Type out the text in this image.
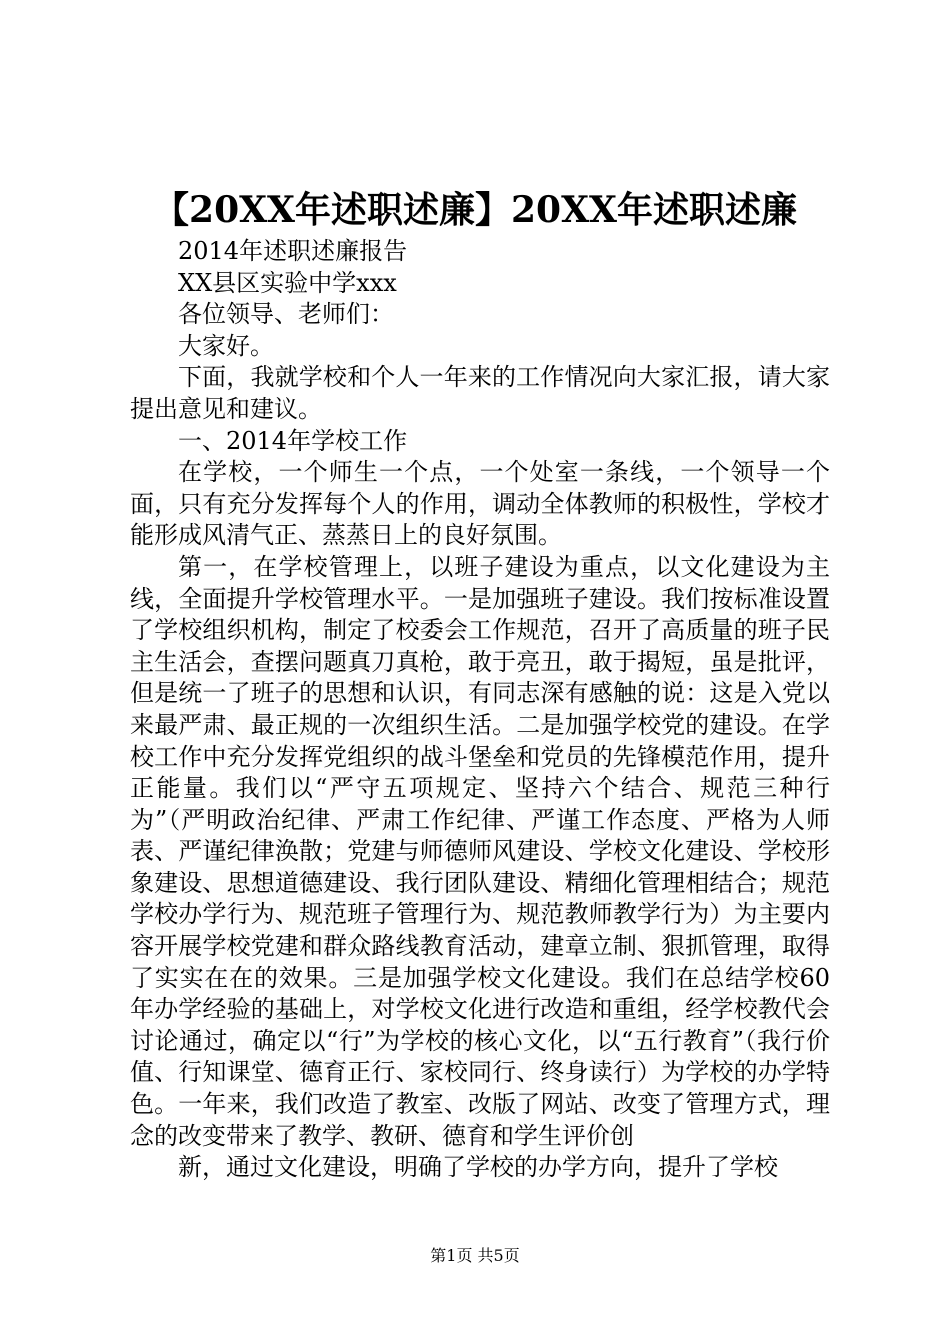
【20XX年述职述廉】20XX年述职述廉

2014年述职述廉报告

XX县区实验中学xxx

各位领导、老师们：

大家好。

下面，我就学校和个人一年来的工作情况向大家汇报，请大家提出意见和建议。

一、2014年学校工作

在学校，一个师生一个点，一个处室一条线，一个领导一个面，只有充分发挥每个人的作用，调动全体教师的积极性，学校才能形成风清气正、蒸蒸日上的良好氛围。

第一，在学校管理上，以班子建设为重点，以文化建设为主线，全面提升学校管理水平。一是加强班子建设。我们按标准设置了学校组织机构，制定了校委会工作规范，召开了高质量的班子民主生活会，查摆问题真刀真枪，敢于亮丑，敢于揭短，虽是批评，但是统一了班子的思想和认识，有同志深有感触的说：这是入党以来最严肃、最正规的一次组织生活。二是加强学校党的建设。在学校工作中充分发挥党组织的战斗堡垒和党员的先锋模范作用，提升正能量。我们以“严守五项规定、坚持六个结合、规范三种行为”（严明政治纪律、严肃工作纪律、严谨工作态度、严格为人师表、严谨纪律涣散；党建与师德师风建设、学校文化建设、学校形象建设、思想道德建设、我行团队建设、精细化管理相结合；规范学校办学行为、规范班子管理行为、规范教师教学行为）为主要内容开展学校党建和群众路线教育活动，建章立制、狠抓管理，取得了实实在在的效果。三是加强学校文化建设。我们在总结学校60年办学经验的基础上，对学校文化进行改造和重组，经学校教代会讨论通过，确定以“行”为学校的核心文化，以“五行教育”（我行价值、行知课堂、德育正行、家校同行、终身读行）为学校的办学特色。一年来，我们改造了教室、改版了网站、改变了管理方式，理念的改变带来了教学、教研、德育和学生评价创

新，通过文化建设，明确了学校的办学方向，提升了学校

第1页 共5页
